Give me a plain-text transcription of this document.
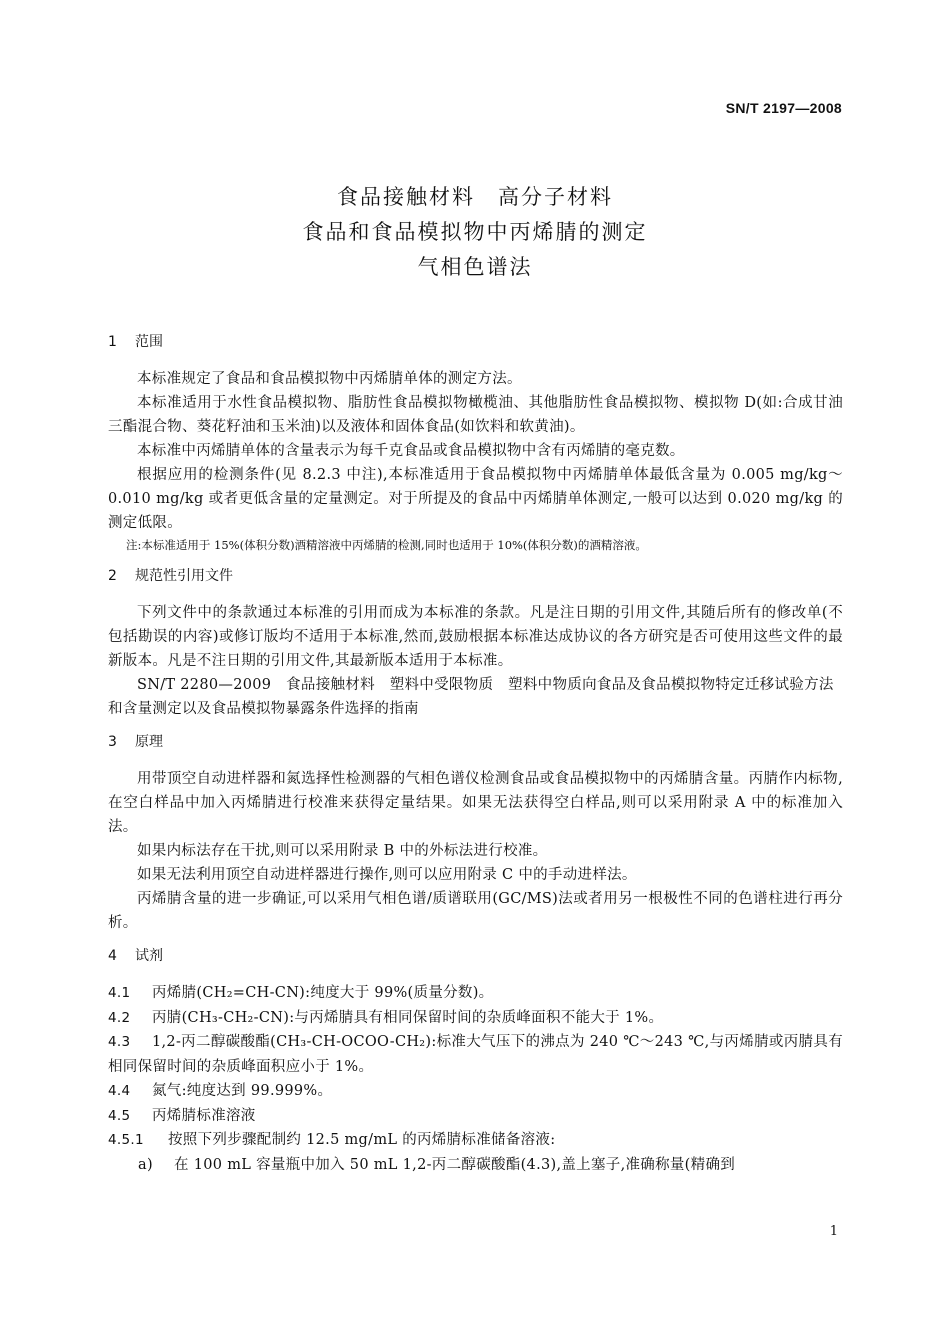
SN/T 2197—2008
食品接触材料　高分子材料
食品和食品模拟物中丙烯腈的测定
气相色谱法
1 范围
本标准规定了食品和食品模拟物中丙烯腈单体的测定方法。
本标准适用于水性食品模拟物、脂肪性食品模拟物橄榄油、其他脂肪性食品模拟物、模拟物 D(如:合成甘油三酯混合物、葵花籽油和玉米油)以及液体和固体食品(如饮料和软黄油)。
本标准中丙烯腈单体的含量表示为每千克食品或食品模拟物中含有丙烯腈的毫克数。
根据应用的检测条件(见 8.2.3 中注),本标准适用于食品模拟物中丙烯腈单体最低含量为 0.005 mg/kg～0.010 mg/kg 或者更低含量的定量测定。对于所提及的食品中丙烯腈单体测定,一般可以达到 0.020 mg/kg 的测定低限。
注:本标准适用于 15%(体积分数)酒精溶液中丙烯腈的检测,同时也适用于 10%(体积分数)的酒精溶液。
2 规范性引用文件
下列文件中的条款通过本标准的引用而成为本标准的条款。凡是注日期的引用文件,其随后所有的修改单(不包括勘误的内容)或修订版均不适用于本标准,然而,鼓励根据本标准达成协议的各方研究是否可使用这些文件的最新版本。凡是不注日期的引用文件,其最新版本适用于本标准。
SN/T 2280—2009　食品接触材料　塑料中受限物质　塑料中物质向食品及食品模拟物特定迁移试验方法和含量测定以及食品模拟物暴露条件选择的指南
3 原理
用带顶空自动进样器和氮选择性检测器的气相色谱仪检测食品或食品模拟物中的丙烯腈含量。丙腈作内标物,在空白样品中加入丙烯腈进行校准来获得定量结果。如果无法获得空白样品,则可以采用附录 A 中的标准加入法。
如果内标法存在干扰,则可以采用附录 B 中的外标法进行校准。
如果无法利用顶空自动进样器进行操作,则可以应用附录 C 中的手动进样法。
丙烯腈含量的进一步确证,可以采用气相色谱/质谱联用(GC/MS)法或者用另一根极性不同的色谱柱进行再分析。
4 试剂
4.1 丙烯腈(CH₂=CH-CN):纯度大于 99%(质量分数)。
4.2 丙腈(CH₃-CH₂-CN):与丙烯腈具有相同保留时间的杂质峰面积不能大于 1%。
4.3 1,2-丙二醇碳酸酯(CH₃-CH-OCOO-CH₂):标准大气压下的沸点为 240 ℃～243 ℃,与丙烯腈或丙腈具有相同保留时间的杂质峰面积应小于 1%。
4.4 氮气:纯度达到 99.999%。
4.5 丙烯腈标准溶液
4.5.1 按照下列步骤配制约 12.5 mg/mL 的丙烯腈标准储备溶液:
a) 在 100 mL 容量瓶中加入 50 mL 1,2-丙二醇碳酸酯(4.3),盖上塞子,准确称量(精确到
1
